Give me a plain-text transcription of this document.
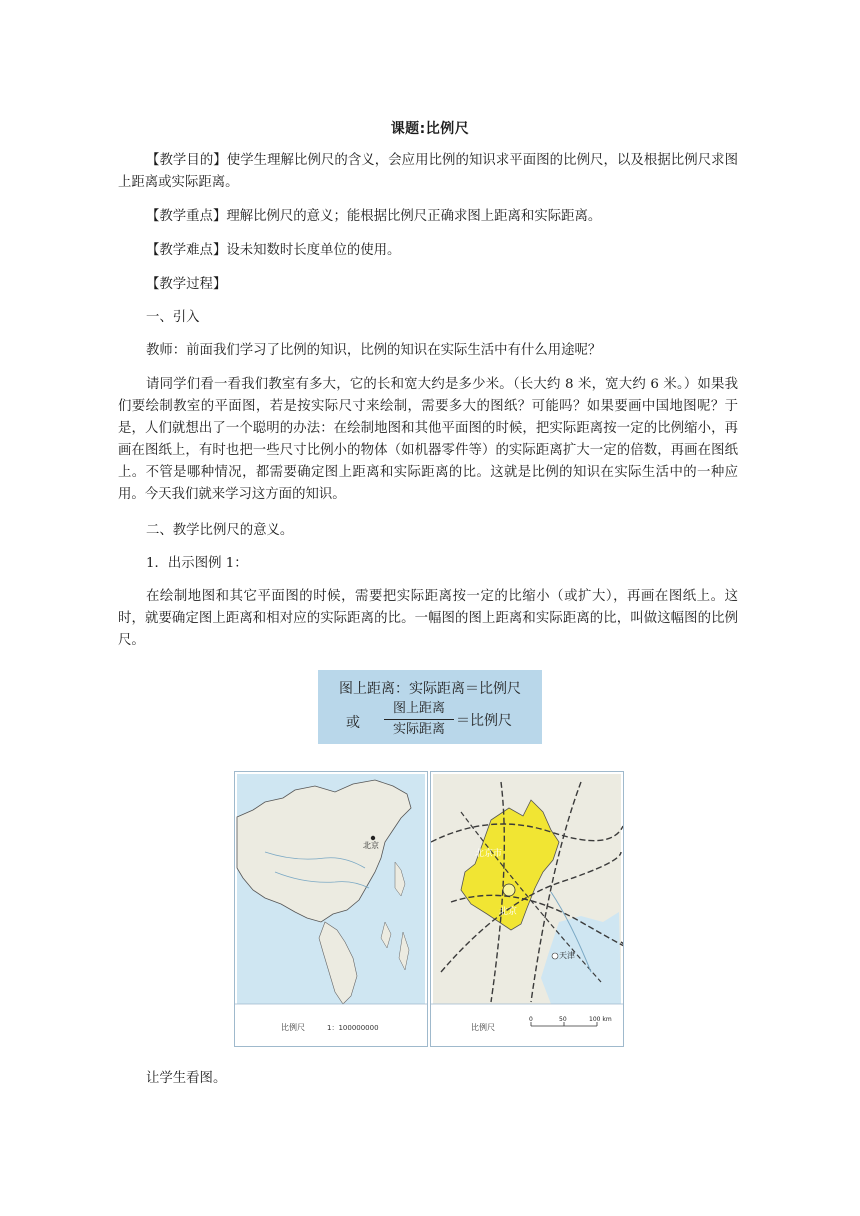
课题:比例尺

【教学目的】使学生理解比例尺的含义，会应用比例的知识求平面图的比例尺，以及根据比例尺求图上距离或实际距离。

【教学重点】理解比例尺的意义；能根据比例尺正确求图上距离和实际距离。

【教学难点】设未知数时长度单位的使用。

【教学过程】

一、引入

教师：前面我们学习了比例的知识，比例的知识在实际生活中有什么用途呢？

请同学们看一看我们教室有多大，它的长和宽大约是多少米。（长大约 8 米，宽大约 6 米。）如果我们要绘制教室的平面图，若是按实际尺寸来绘制，需要多大的图纸？可能吗？如果要画中国地图呢？于是，人们就想出了一个聪明的办法：在绘制地图和其他平面图的时候，把实际距离按一定的比例缩小，再画在图纸上，有时也把一些尺寸比例小的物体（如机器零件等）的实际距离扩大一定的倍数，再画在图纸上。不管是哪种情况，都需要确定图上距离和实际距离的比。这就是比例的知识在实际生活中的一种应用。今天我们就来学习这方面的知识。

二、教学比例尺的意义。

1．出示图例 1：

在绘制地图和其它平面图的时候，需要把实际距离按一定的比缩小（或扩大），再画在图纸上。这时，就要确定图上距离和相对应的实际距离的比。一幅图的图上距离和实际距离的比，叫做这幅图的比例尺。

图上距离：实际距离＝比例尺
或
图上距离
实际距离
＝比例尺
北京
比例尺	1：100000000
北京市
北京
天津
0	50	100 km
比例尺

让学生看图。
